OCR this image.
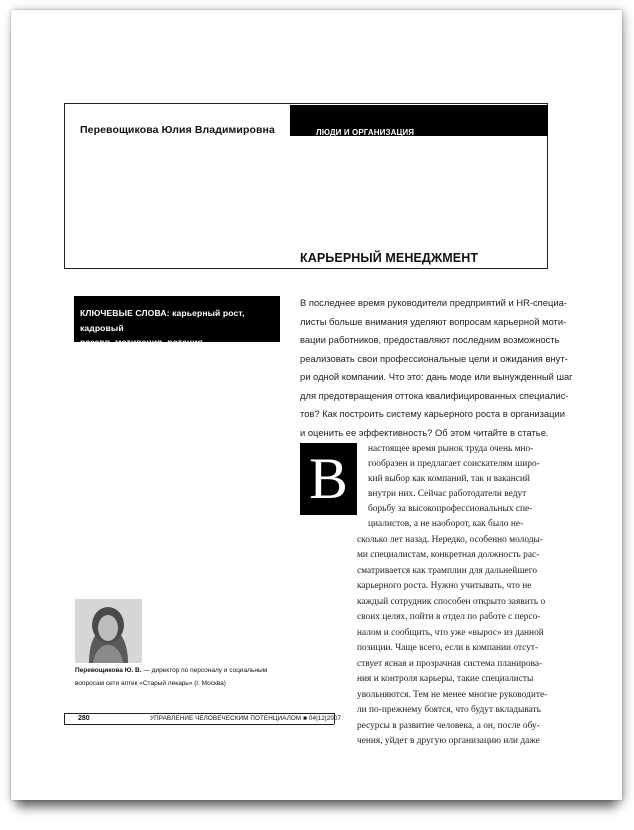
Перевощикова Юлия Владимировна	ЛЮДИ И ОРГАНИЗАЦИЯ
КАРЬЕРНЫЙ МЕНЕДЖМЕНТ
КЛЮЧЕВЫЕ СЛОВА: карьерный рост, кадровый
резерв, мотивация, ротация
В последнее время руководители предприятий и HR-специа-
листы больше внимания уделяют вопросам карьерной моти-
вации работников, предоставляют последним возможность
реализовать свои профессиональные цели и ожидания внут-
ри одной компании. Что это: дань моде или вынужденный шаг
для предотвращения оттока квалифицированных специалис-
тов? Как построить систему карьерного роста в организации
и оценить ее эффективность? Об этом читайте в статье.
В	настоящее время рынок труда очень мно-
гообразен и предлагает соискателям широ-
кий выбор как компаний, так и вакансий
внутри них. Сейчас работодатели ведут
борьбу за высокопрофессиональных спе-
циалистов, а не наоборот, как было не-
сколько лет назад. Нередко, особенно молоды-
ми специалистам, конкретная должность рас-
сматривается как трамплин для дальнейшего
карьерного роста. Нужно учитывать, что не
каждый сотрудник способен открыто заявить о
своих целях, пойти в отдел по работе с персо-
налом и сообщить, что уже «вырос» из данной
позиции. Чаще всего, если в компании отсут-
ствует ясная и прозрачная система планирова-
ния и контроля карьеры, такие специалисты
увольняются. Тем не менее многие руководите-
ли по-прежнему боятся, что будут вкладывать
ресурсы в развитие человека, а он, после обу-
чения, уйдет в другую организацию или даже
Перевощикова Ю. В. — директор по персоналу и социальным вопросам сети аптек «Старый лекарь» (г. Москва)
280	УПРАВЛЕНИЕ ЧЕЛОВЕЧЕСКИМ ПОТЕНЦИАЛОМ ■ 04|12|2007
